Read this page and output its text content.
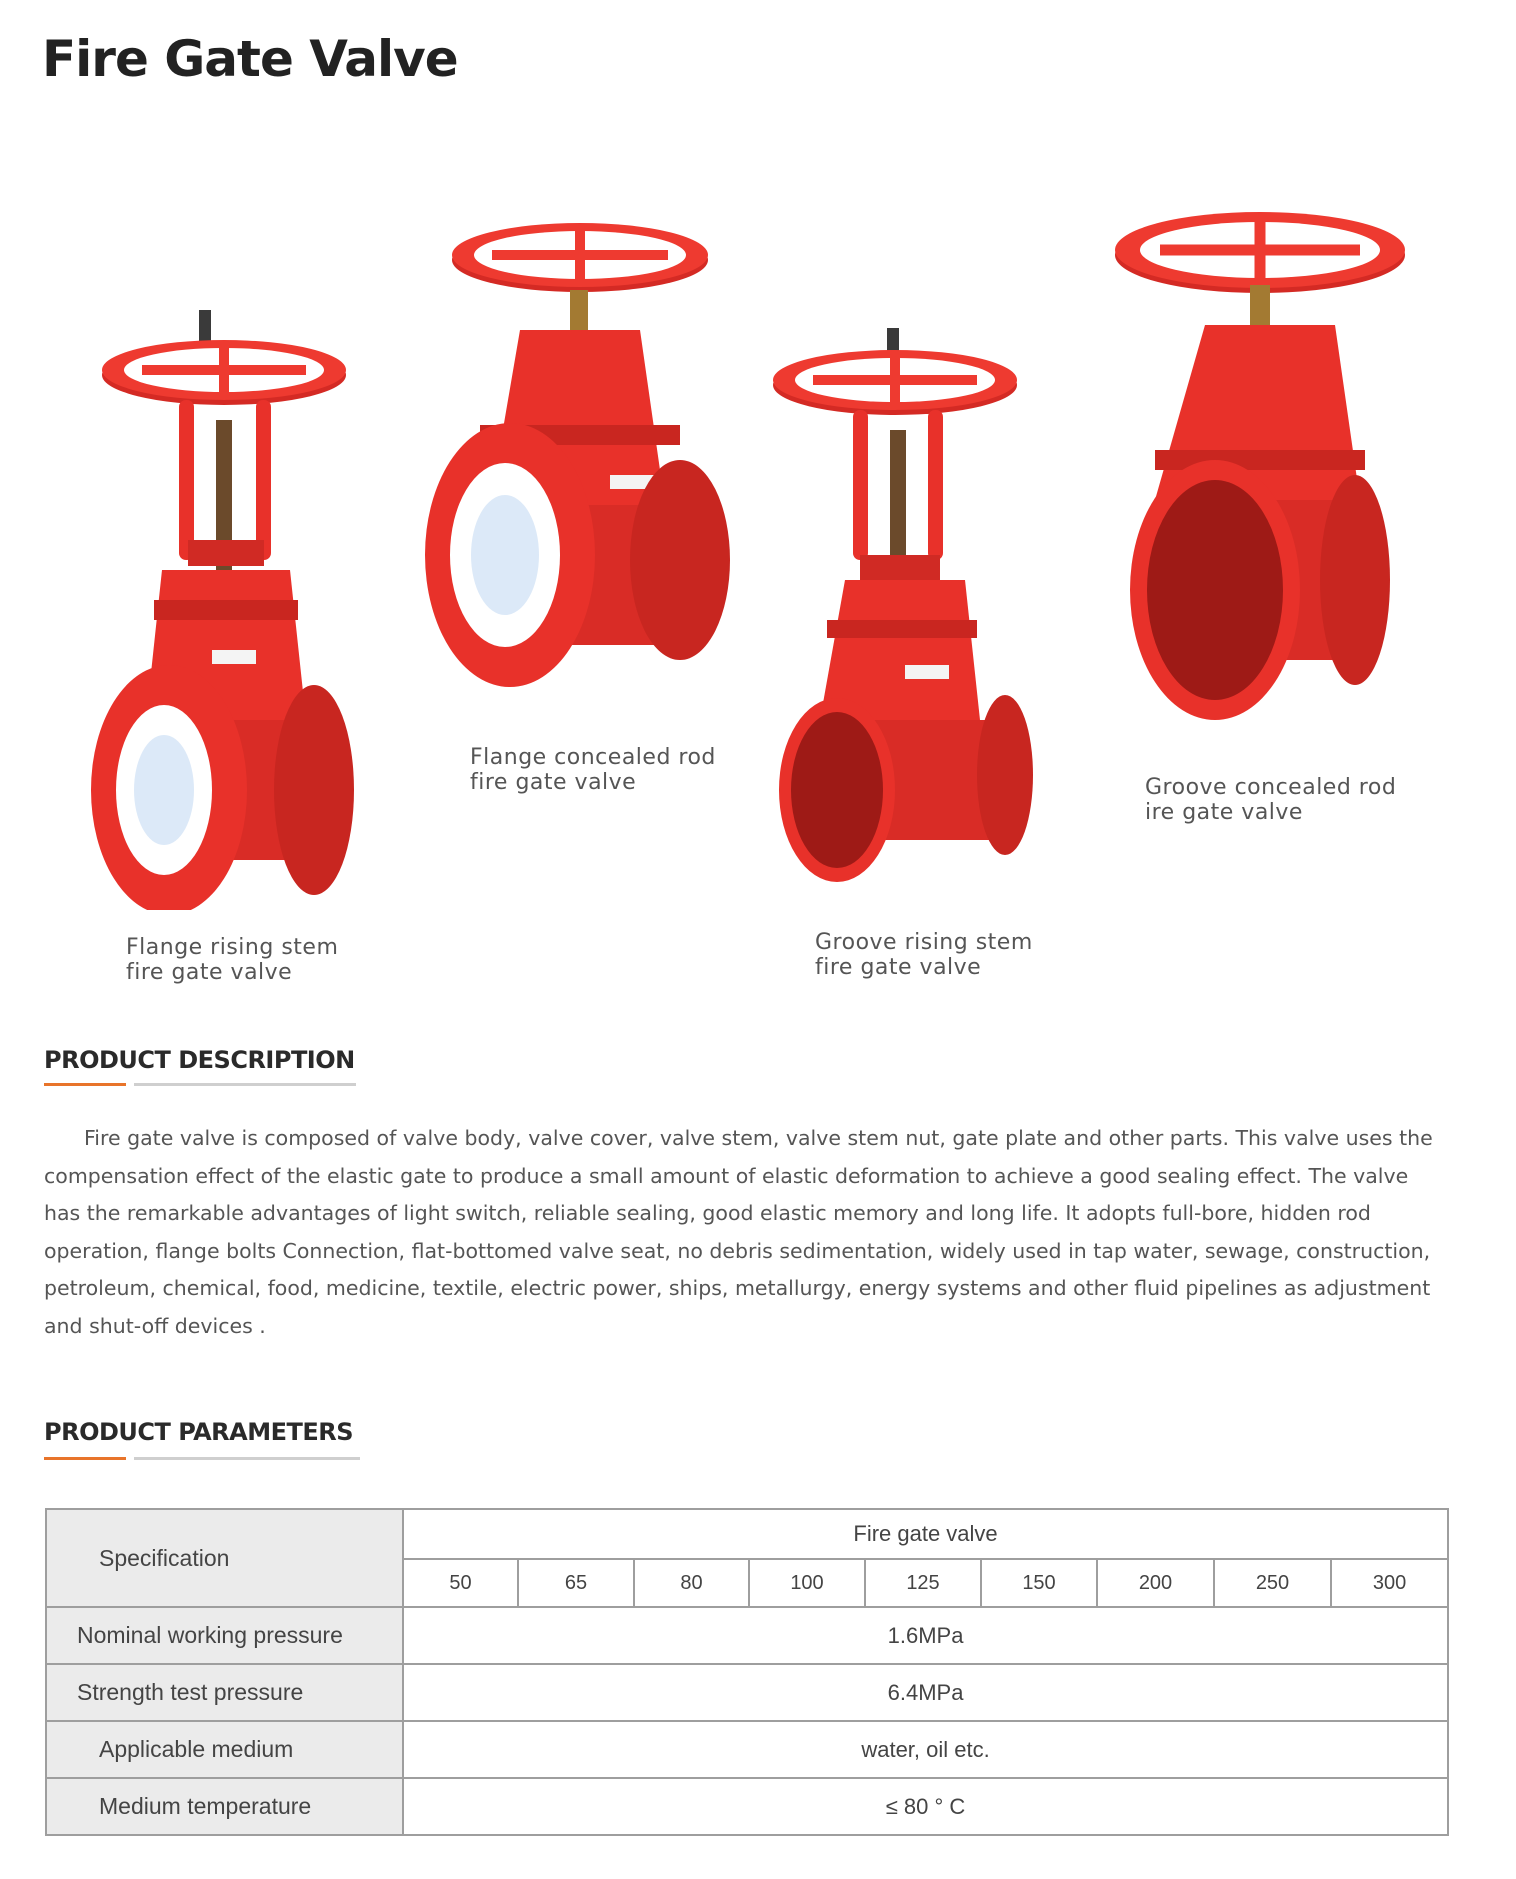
Fire Gate Valve
Flange rising stem
fire gate valve
Flange concealed rod
fire gate valve
Groove rising stem
fire gate valve
Groove concealed rod
ire gate valve
PRODUCT DESCRIPTION

Fire gate valve is composed of valve body, valve cover, valve stem, valve stem nut, gate plate and other parts. This valve uses the compensation effect of the elastic gate to produce a small amount of elastic deformation to achieve a good sealing effect. The valve has the remarkable advantages of light switch, reliable sealing, good elastic memory and long life. It adopts full-bore, hidden rod operation, flange bolts Connection, flat-bottomed valve seat, no debris sedimentation, widely used in tap water, sewage, construction, petroleum, chemical, food, medicine, textile, electric power, ships, metallurgy, energy systems and other fluid pipelines as adjustment and shut-off devices .

PRODUCT PARAMETERS
Specification	Fire gate valve								
	50	65	80	100	125	150	200	250	300
Nominal working pressure	1.6MPa								
Strength test pressure	6.4MPa								
Applicable medium	water, oil etc.								
Medium temperature	≤ 80 ° C								
